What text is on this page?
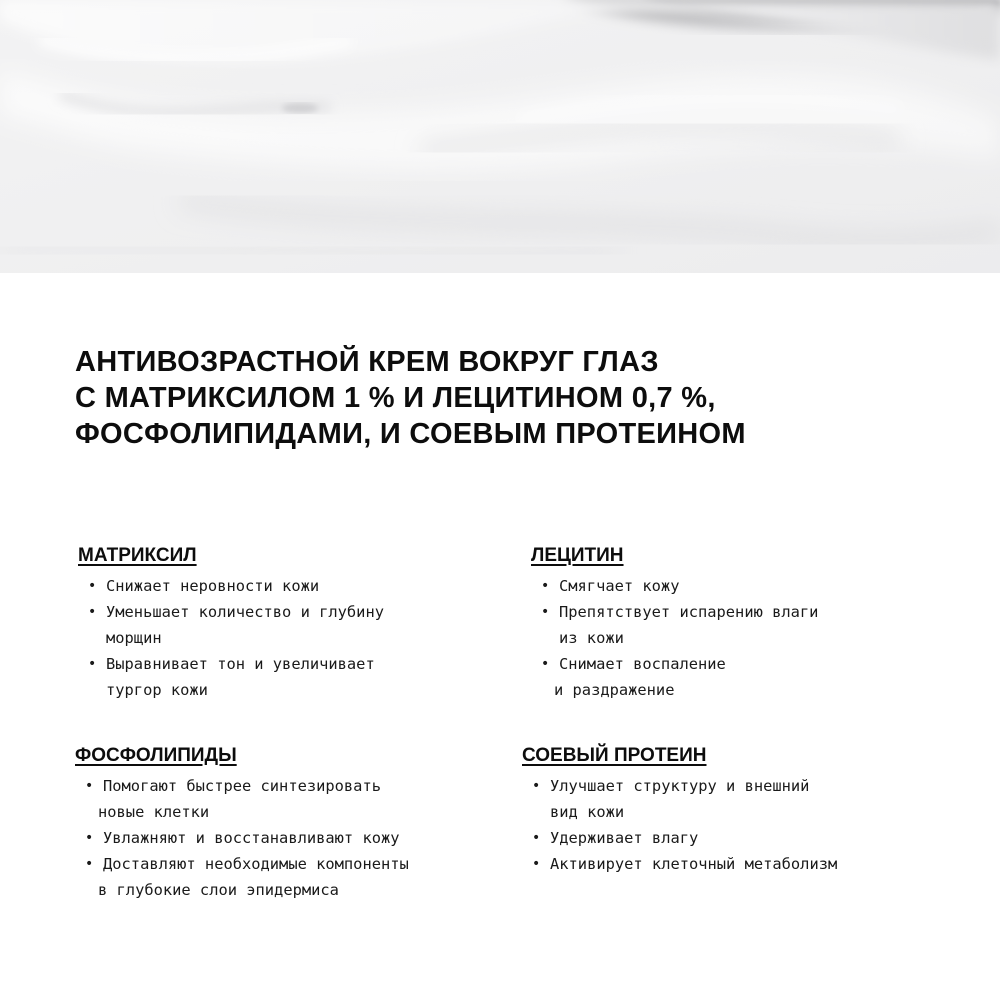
АНТИВОЗРАСТНОЙ КРЕМ ВОКРУГ ГЛАЗ
С МАТРИКСИЛОМ 1 % И ЛЕЦИТИНОМ 0,7 %,
ФОСФОЛИПИДАМИ, И СОЕВЫМ ПРОТЕИНОМ
МАТРИКСИЛ
• Снижает неровности кожи
• Уменьшает количество и глубину
морщин
• Выравнивает тон и увеличивает
тургор кожи
ЛЕЦИТИН
• Смягчает кожу
• Препятствует испарению влаги
из кожи
• Снимает воспаление
и раздражение
ФОСФОЛИПИДЫ
• Помогают быстрее синтезировать
новые клетки
• Увлажняют и восстанавливают кожу
• Доставляют необходимые компоненты
в глубокие слои эпидермиса
СОЕВЫЙ ПРОТЕИН
• Улучшает структуру и внешний
вид кожи
• Удерживает влагу
• Активирует клеточный метаболизм
